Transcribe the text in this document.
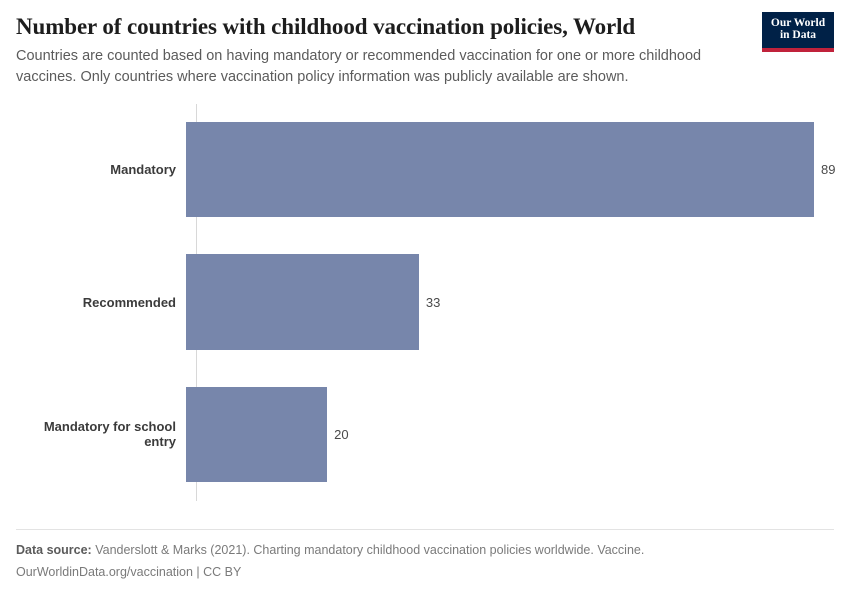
Number of countries with childhood vaccination policies, World

Countries are counted based on having mandatory or recommended vaccination for one or more childhood vaccines. Only countries where vaccination policy information was publicly available are shown.

Our World
in Data
Mandatory	89
Recommended	33
Mandatory for school entry	20
Data source: Vanderslott & Marks (2021). Charting mandatory childhood vaccination policies worldwide. Vaccine.
OurWorldinData.org/vaccination | CC BY
